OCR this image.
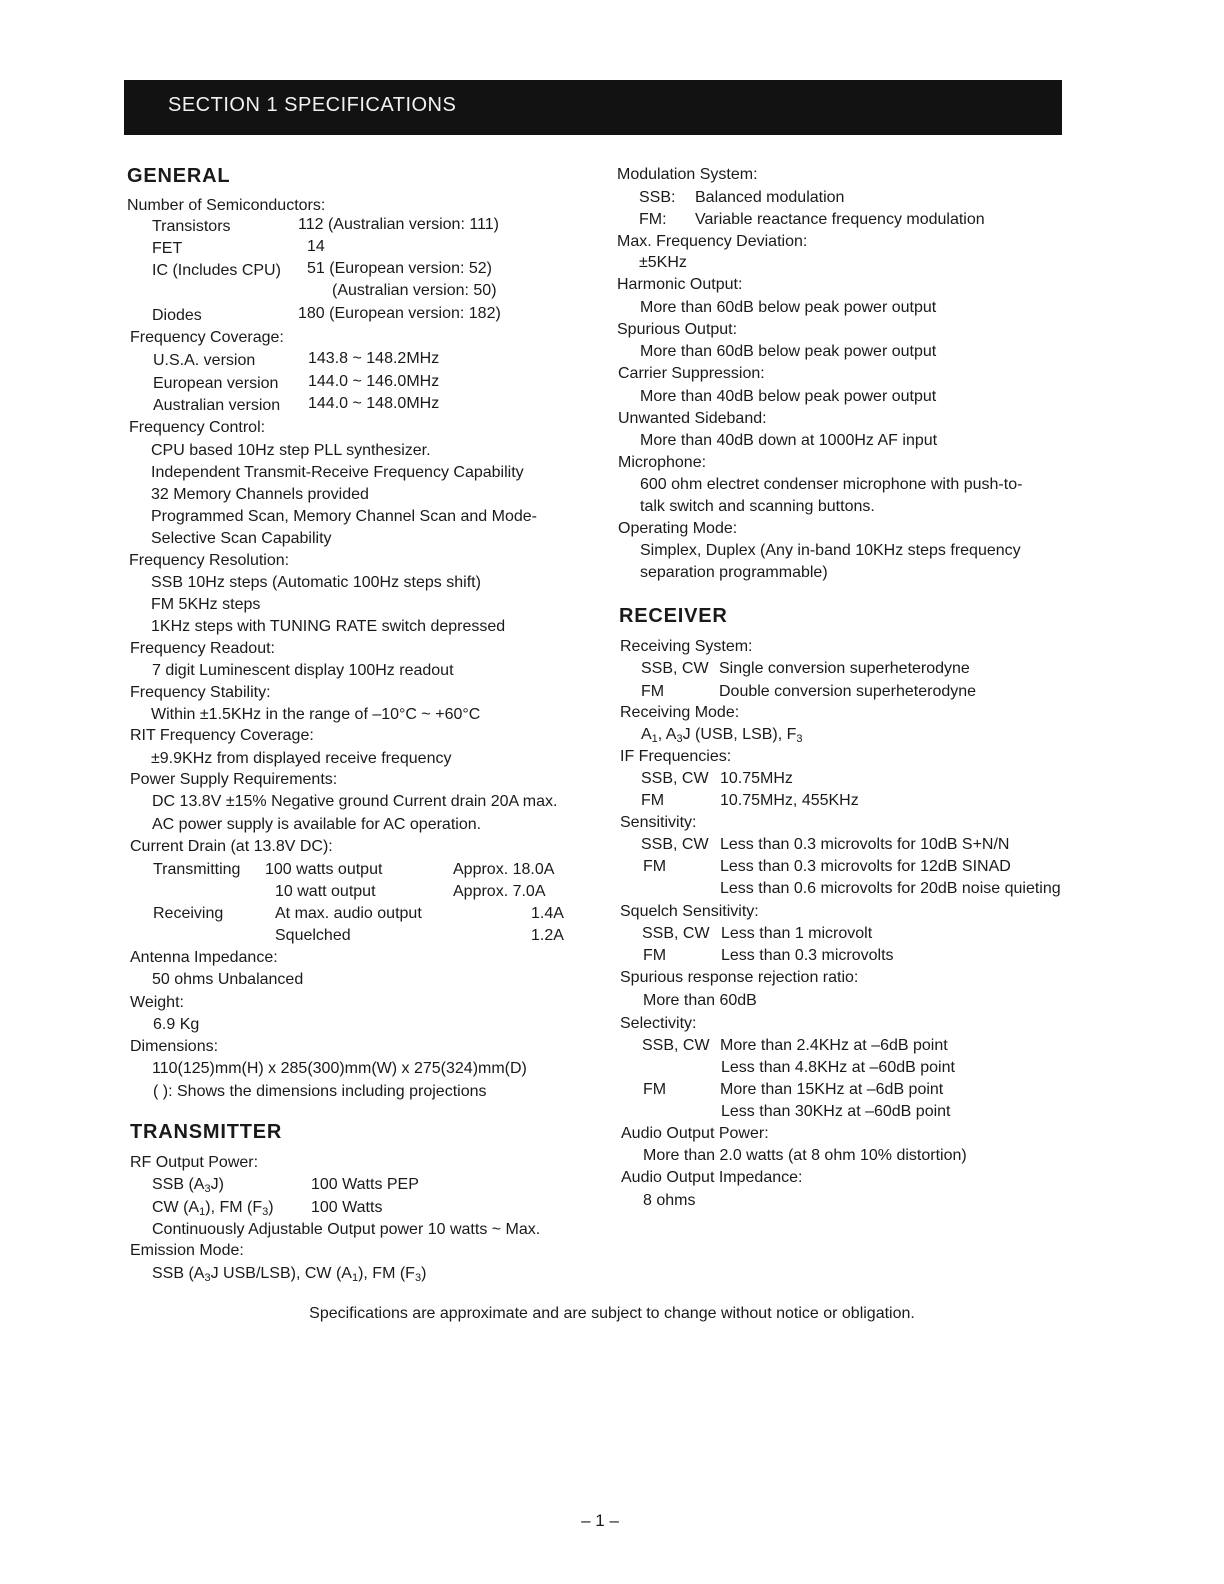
SECTION 1 SPECIFICATIONS
GENERAL
Number of Semiconductors:
Transistors	112 (Australian version: 111)
FET	14
IC (Includes CPU) 51 (European version: 52)
(Australian version: 50)
Diodes	180 (European version: 182)
Frequency Coverage:
U.S.A. version	143.8 ~ 148.2MHz
European version 144.0 ~ 146.0MHz
Australian version 144.0 ~ 148.0MHz
Frequency Control:
CPU based 10Hz step PLL synthesizer.
Independent Transmit-Receive Frequency Capability
32 Memory Channels provided
Programmed Scan, Memory Channel Scan and Mode-
Selective Scan Capability
Frequency Resolution:
SSB 10Hz steps (Automatic 100Hz steps shift)
FM 5KHz steps
1KHz steps with TUNING RATE switch depressed
Frequency Readout:
7 digit Luminescent display 100Hz readout
Frequency Stability:
Within ±1.5KHz in the range of –10°C ~ +60°C
RIT Frequency Coverage:
±9.9KHz from displayed receive frequency
Power Supply Requirements:
DC 13.8V ±15% Negative ground Current drain 20A max.
AC power supply is available for AC operation.
Current Drain (at 13.8V DC):
Transmitting 100 watts output	Approx. 18.0A
10 watt output	Approx. 7.0A
Receiving	At max. audio output	1.4A
Squelched	1.2A
Antenna Impedance:
50 ohms Unbalanced
Weight:
6.9 Kg
Dimensions:
110(125)mm(H) x 285(300)mm(W) x 275(324)mm(D)
( ): Shows the dimensions including projections
TRANSMITTER
RF Output Power:
SSB $(A_3J)$	100 Watts PEP
CW $(A_1)$, FM $(F_3)$ 100 Watts
Continuously Adjustable Output power 10 watts ~ Max.
Emission Mode:
SSB ($A_3J$ USB/LSB), CW $(A_1)$, FM $(F_3)$
Modulation System:
SSB: Balanced modulation
FM: Variable reactance frequency modulation
Max. Frequency Deviation:
±5KHz
Harmonic Output:
More than 60dB below peak power output
Spurious Output:
More than 60dB below peak power output
Carrier Suppression:
More than 40dB below peak power output
Unwanted Sideband:
More than 40dB down at 1000Hz AF input
Microphone:
600 ohm electret condenser microphone with push-to-
talk switch and scanning buttons.
Operating Mode:
Simplex, Duplex (Any in-band 10KHz steps frequency
separation programmable)
RECEIVER
Receiving System:
SSB, CW Single conversion superheterodyne
FM	Double conversion superheterodyne
Receiving Mode:
$A_1$, $A_3J$ (USB, LSB), $F_3$
IF Frequencies:
SSB, CW 10.75MHz
FM	10.75MHz, 455KHz
Sensitivity:
SSB, CW Less than 0.3 microvolts for 10dB S+N/N
FM	Less than 0.3 microvolts for 12dB SINAD
Less than 0.6 microvolts for 20dB noise quieting
Squelch Sensitivity:
SSB, CW Less than 1 microvolt
FM	Less than 0.3 microvolts
Spurious response rejection ratio:
More than 60dB
Selectivity:
SSB, CW More than 2.4KHz at –6dB point
Less than 4.8KHz at –60dB point
FM	More than 15KHz at –6dB point
Less than 30KHz at –60dB point
Audio Output Power:
More than 2.0 watts (at 8 ohm 10% distortion)
Audio Output Impedance:
8 ohms
Specifications are approximate and are subject to change without notice or obligation.
– 1 –
